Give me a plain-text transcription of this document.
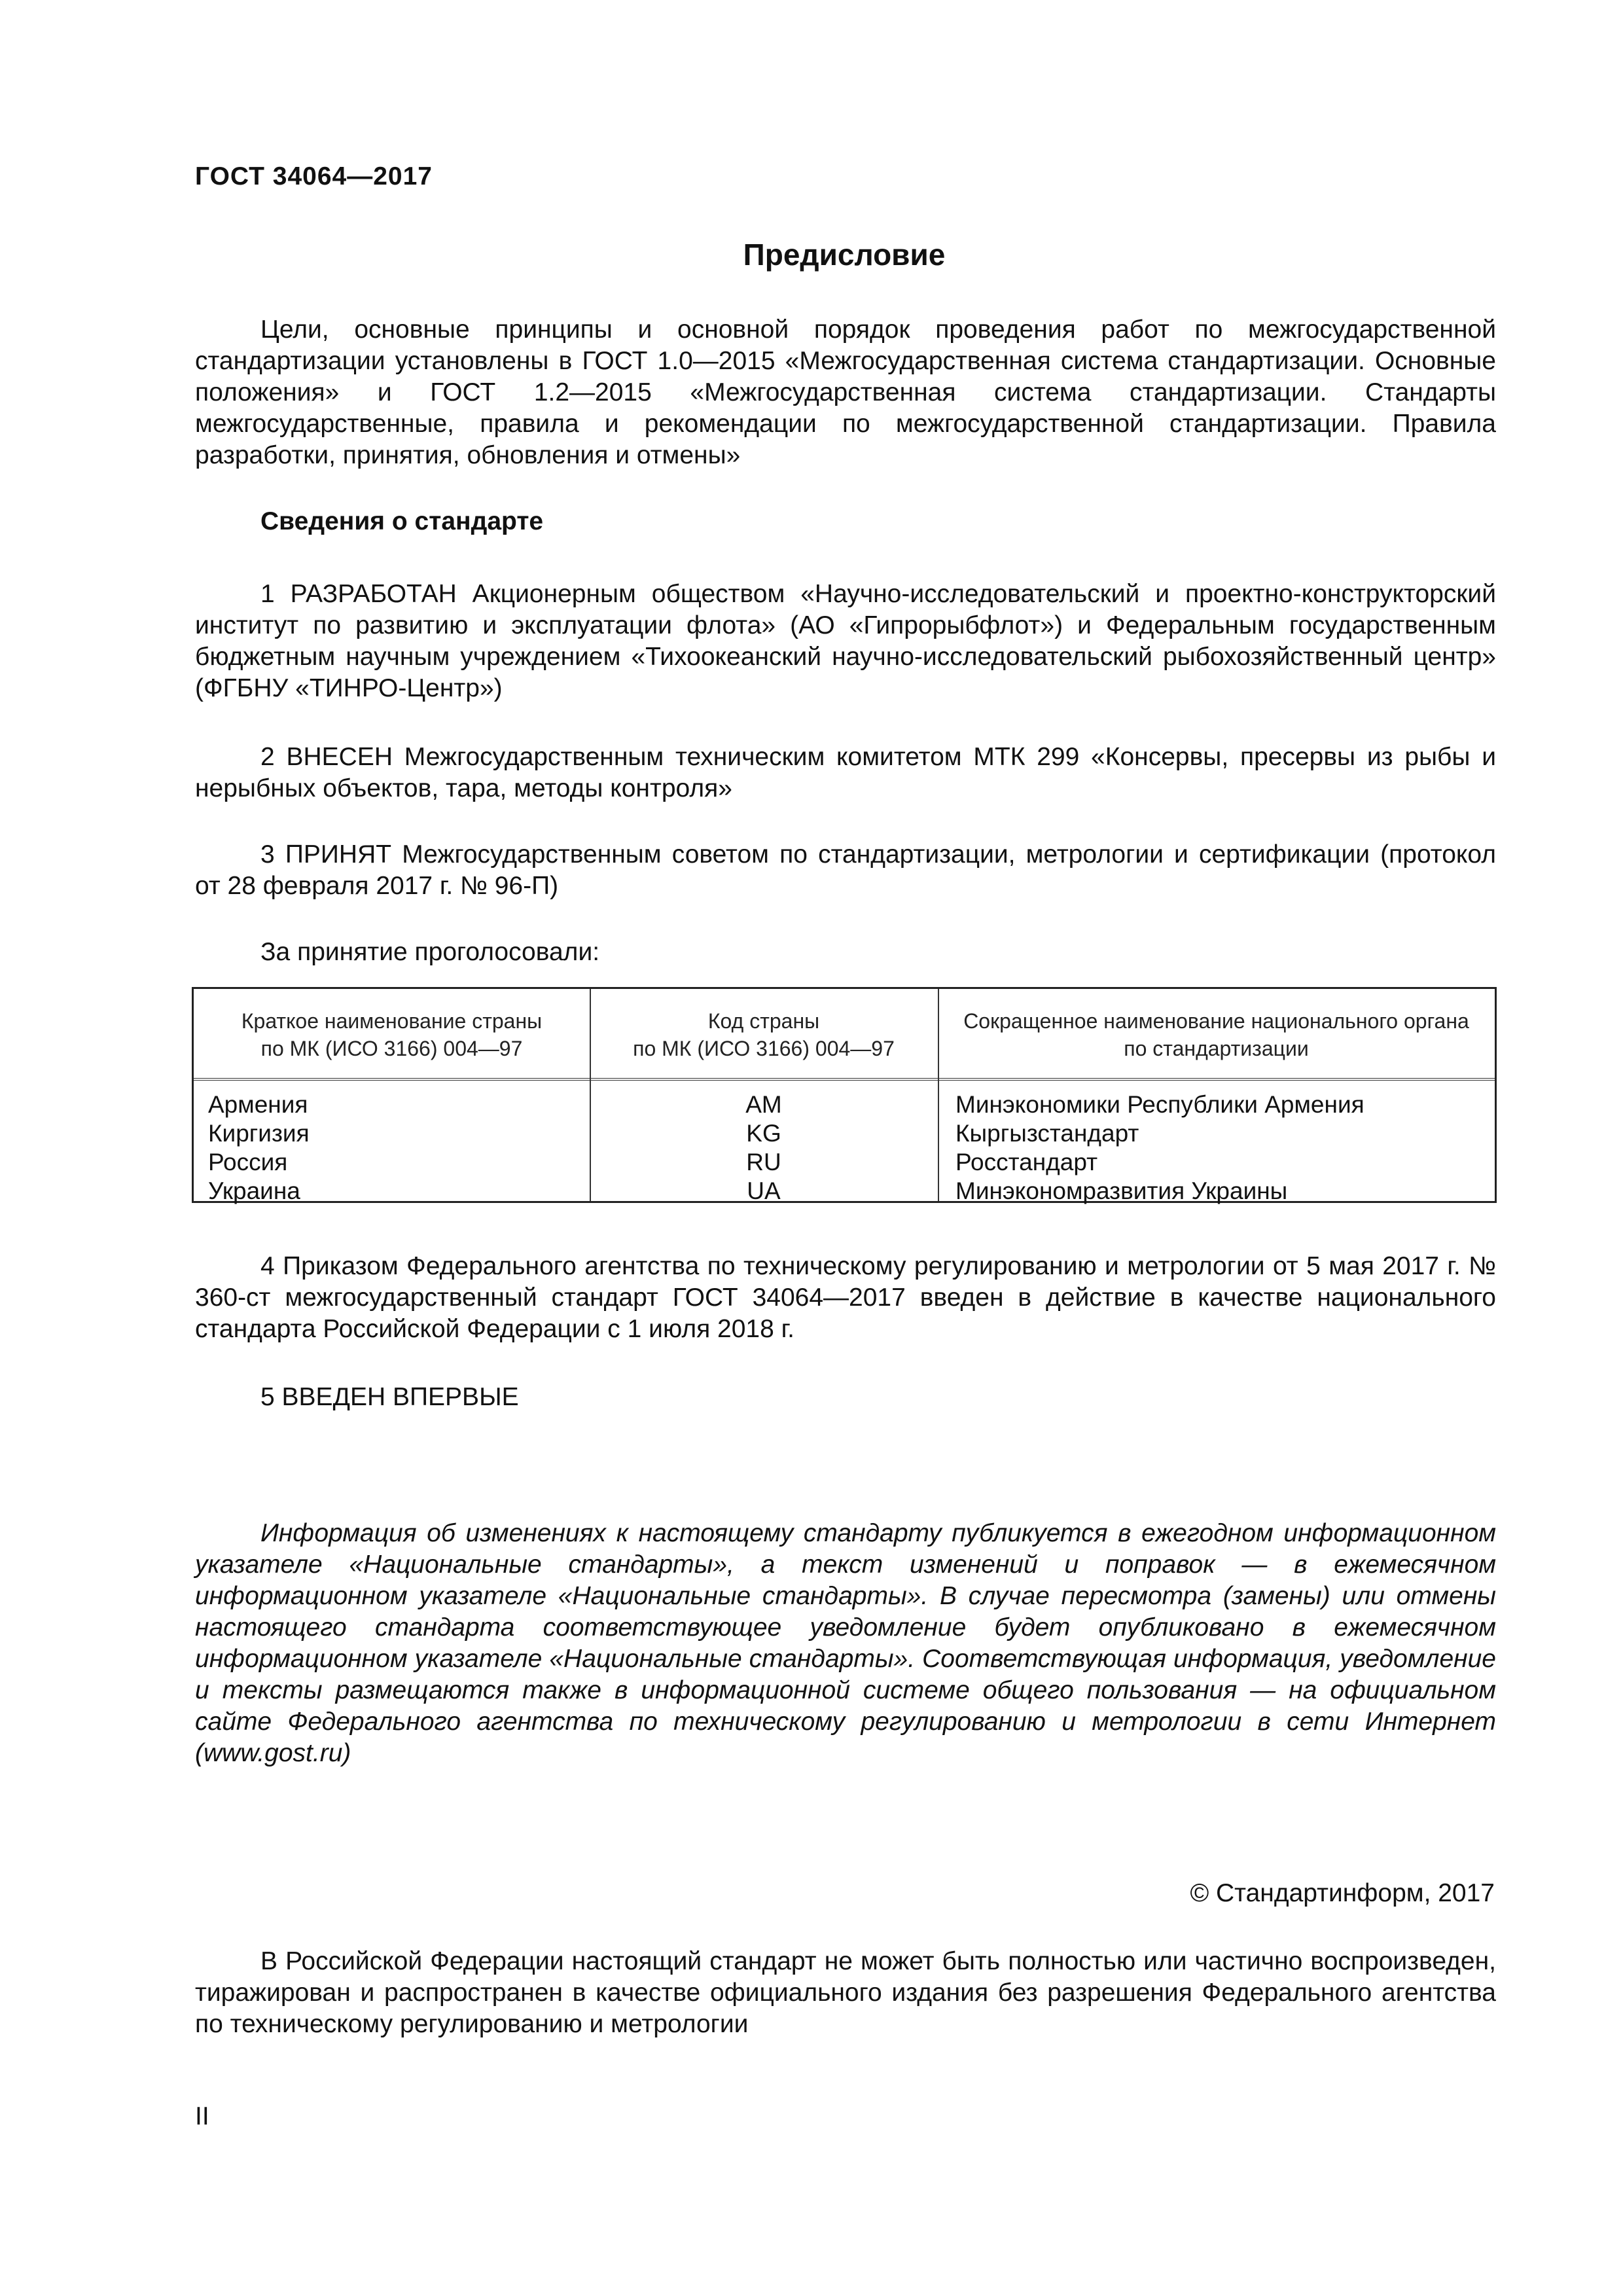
ГОСТ 34064—2017
Предисловие

Цели, основные принципы и основной порядок проведения работ по межгосударственной стандартизации установлены в ГОСТ 1.0—2015 «Межгосударственная система стандартизации. Основные положения» и ГОСТ 1.2—2015 «Межгосударственная система стандартизации. Стандарты межгосударственные, правила и рекомендации по межгосударственной стандартизации. Правила разработки, принятия, обновления и отмены»

Сведения о стандарте

1 РАЗРАБОТАН Акционерным обществом «Научно-исследовательский и проектно-конструкторский институт по развитию и эксплуатации флота» (АО «Гипрорыбфлот») и Федеральным государственным бюджетным научным учреждением «Тихоокеанский научно-исследовательский рыбохозяйственный центр» (ФГБНУ «ТИНРО-Центр»)

2 ВНЕСЕН Межгосударственным техническим комитетом МТК 299 «Консервы, пресервы из рыбы и нерыбных объектов, тара, методы контроля»

3 ПРИНЯТ Межгосударственным советом по стандартизации, метрологии и сертификации (протокол от 28 февраля 2017 г. № 96-П)

За принятие проголосовали:
Краткое наименование страны
по МК (ИСО 3166) 004—97
Код страны
по МК (ИСО 3166) 004—97
Сокращенное наименование национального органа
по стандартизации
Армения
Киргизия
Россия
Украина
AM
KG
RU
UA
Минэкономики Республики Армения
Кыргызстандарт
Росстандарт
Минэкономразвития Украины

4 Приказом Федерального агентства по техническому регулированию и метрологии от 5 мая 2017 г. № 360-ст межгосударственный стандарт ГОСТ 34064—2017 введен в действие в качестве национального стандарта Российской Федерации с 1 июля 2018 г.

5 ВВЕДЕН ВПЕРВЫЕ

Информация об изменениях к настоящему стандарту публикуется в ежегодном информационном указателе «Национальные стандарты», а текст изменений и поправок — в ежемесячном информационном указателе «Национальные стандарты». В случае пересмотра (замены) или отмены настоящего стандарта соответствующее уведомление будет опубликовано в ежемесячном информационном указателе «Национальные стандарты». Соответствующая информация, уведомление и тексты размещаются также в информационной системе общего пользования — на официальном сайте Федерального агентства по техническому регулированию и метрологии в сети Интернет (www.gost.ru)

© Стандартинформ, 2017

В Российской Федерации настоящий стандарт не может быть полностью или частично воспроизведен, тиражирован и распространен в качестве официального издания без разрешения Федерального агентства по техническому регулированию и метрологии

II
